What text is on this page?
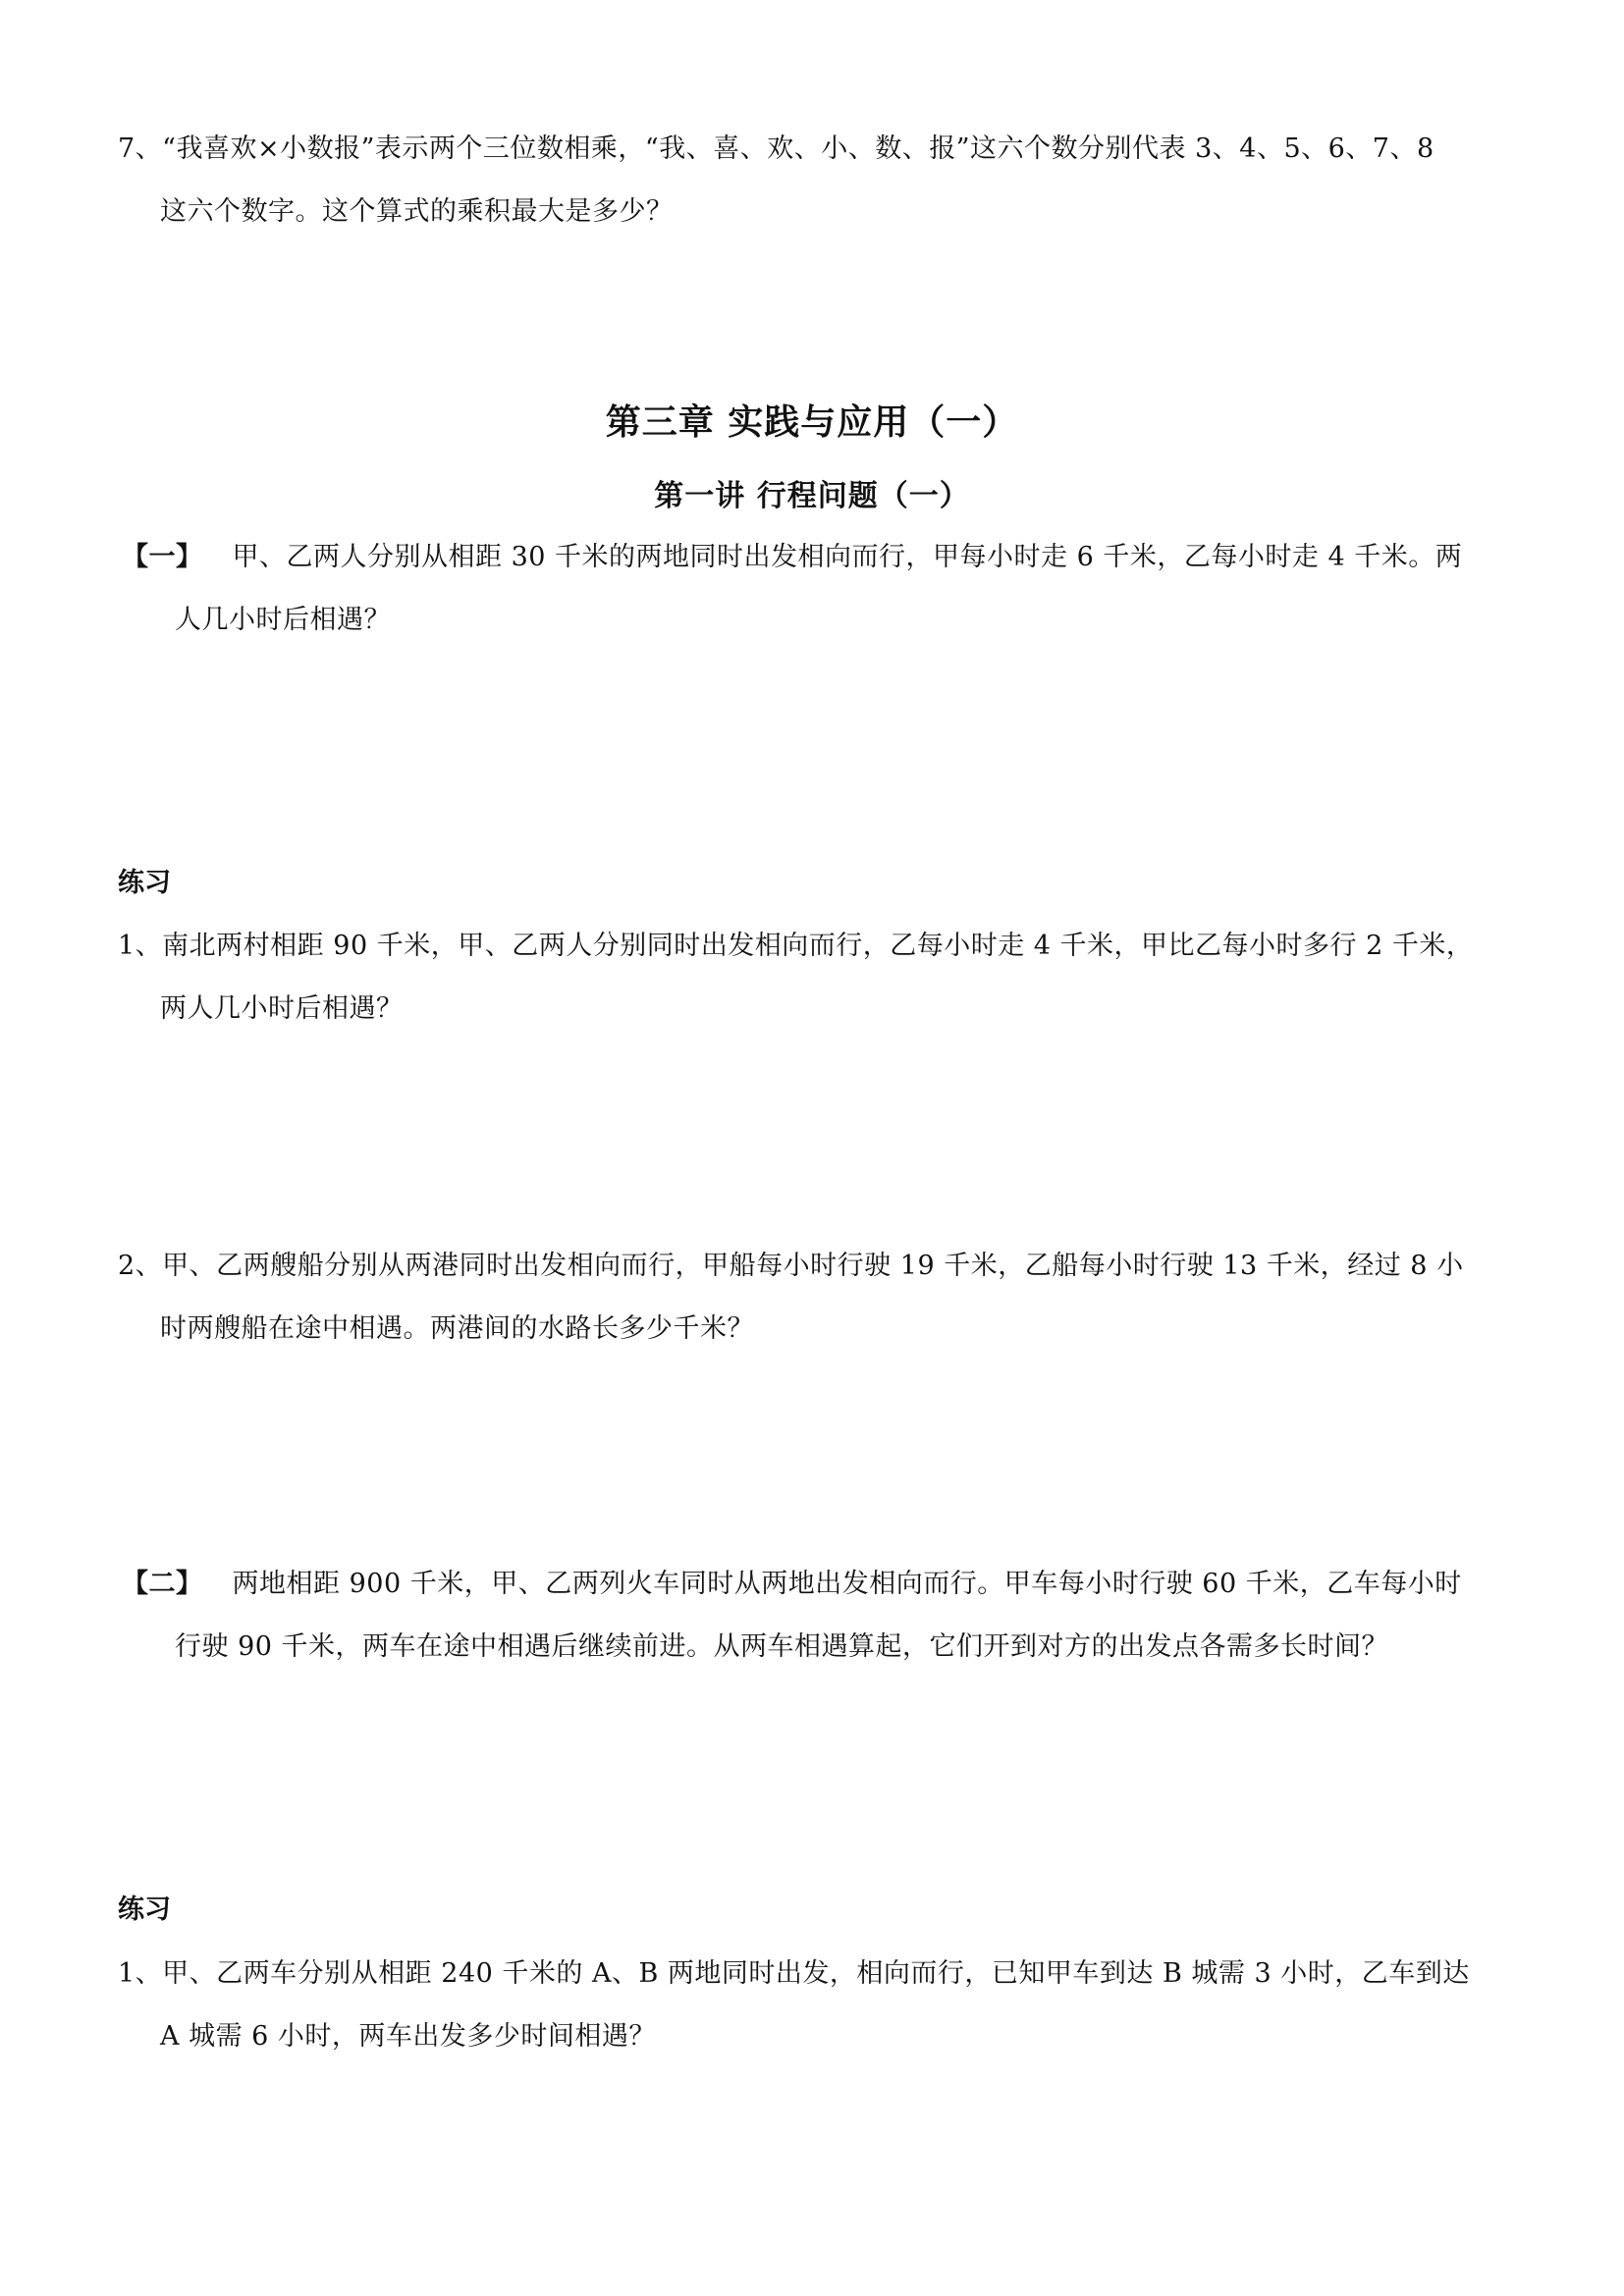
7、“我喜欢×小数报”表示两个三位数相乘，“我、喜、欢、小、数、报”这六个数分别代表 3、4、5、6、7、8
这六个数字。这个算式的乘积最大是多少？
第三章 实践与应用（一）
第一讲 行程问题（一）
【一】 甲、乙两人分别从相距 30 千米的两地同时出发相向而行，甲每小时走 6 千米，乙每小时走 4 千米。两
人几小时后相遇？
练习
1、南北两村相距 90 千米，甲、乙两人分别同时出发相向而行，乙每小时走 4 千米，甲比乙每小时多行 2 千米，
两人几小时后相遇？
2、甲、乙两艘船分别从两港同时出发相向而行，甲船每小时行驶 19 千米，乙船每小时行驶 13 千米，经过 8 小
时两艘船在途中相遇。两港间的水路长多少千米？
【二】 两地相距 900 千米，甲、乙两列火车同时从两地出发相向而行。甲车每小时行驶 60 千米，乙车每小时
行驶 90 千米，两车在途中相遇后继续前进。从两车相遇算起，它们开到对方的出发点各需多长时间？
练习
1、甲、乙两车分别从相距 240 千米的 A、B 两地同时出发，相向而行，已知甲车到达 B 城需 3 小时，乙车到达
A 城需 6 小时，两车出发多少时间相遇？
